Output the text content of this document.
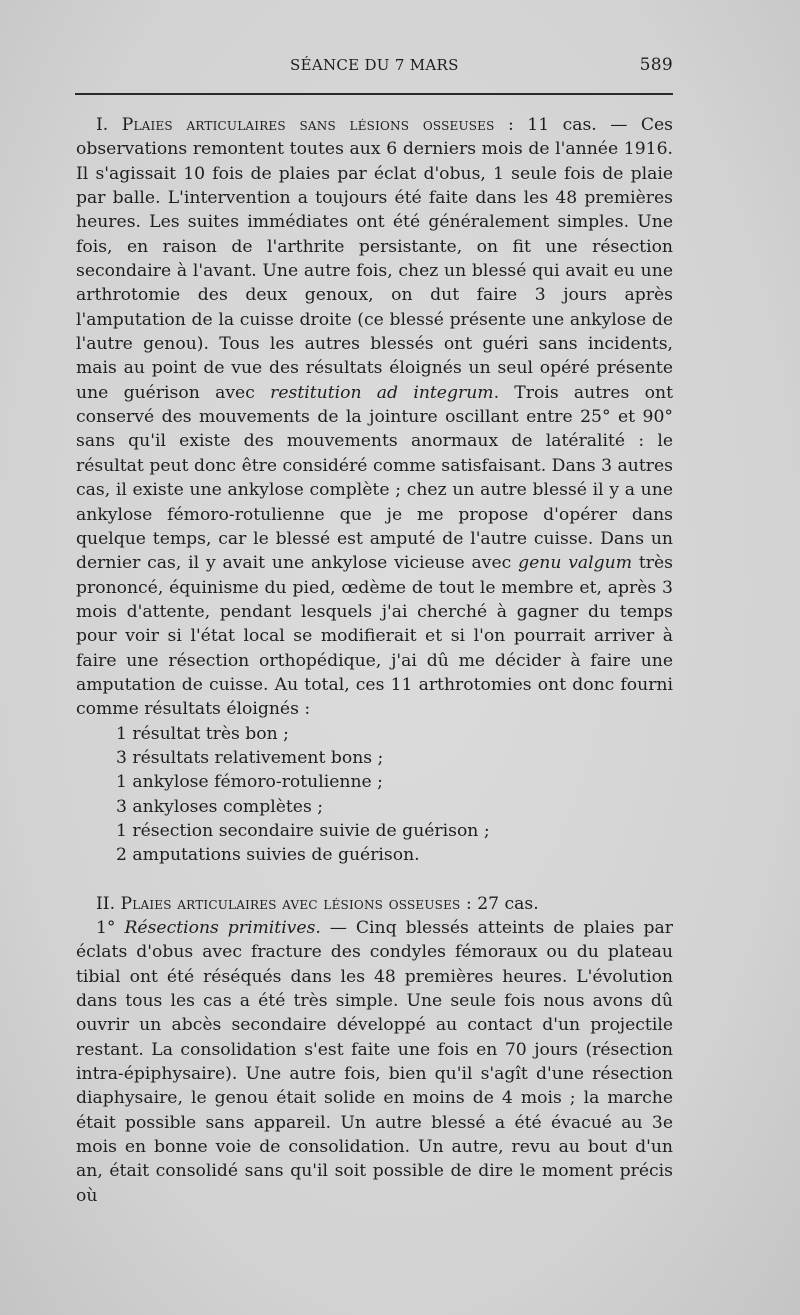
SÉANCE DU 7 MARS	589

I. Plaies articulaires sans lésions osseuses : 11 cas. — Ces observations remontent toutes aux 6 derniers mois de l'année 1916. Il s'agissait 10 fois de plaies par éclat d'obus, 1 seule fois de plaie par balle. L'intervention a toujours été faite dans les 48 premières heures. Les suites immédiates ont été généralement simples. Une fois, en raison de l'arthrite persistante, on fit une résection secondaire à l'avant. Une autre fois, chez un blessé qui avait eu une arthrotomie des deux genoux, on dut faire 3 jours après l'amputation de la cuisse droite (ce blessé présente une ankylose de l'autre genou). Tous les autres blessés ont guéri sans incidents, mais au point de vue des résultats éloignés un seul opéré présente une guérison avec restitution ad integrum. Trois autres ont conservé des mouvements de la jointure oscillant entre 25° et 90° sans qu'il existe des mouvements anormaux de latéralité : le résultat peut donc être considéré comme satisfaisant. Dans 3 autres cas, il existe une ankylose complète ; chez un autre blessé il y a une ankylose fémoro-rotulienne que je me propose d'opérer dans quelque temps, car le blessé est amputé de l'autre cuisse. Dans un dernier cas, il y avait une ankylose vicieuse avec genu valgum très prononcé, équinisme du pied, œdème de tout le membre et, après 3 mois d'attente, pendant lesquels j'ai cherché à gagner du temps pour voir si l'état local se modifierait et si l'on pourrait arriver à faire une résection orthopédique, j'ai dû me décider à faire une amputation de cuisse. Au total, ces 11 arthrotomies ont donc fourni comme résultats éloignés :

1 résultat très bon ;
3 résultats relativement bons ;
1 ankylose fémoro-rotulienne ;
3 ankyloses complètes ;
1 résection secondaire suivie de guérison ;
2 amputations suivies de guérison.

II. Plaies articulaires avec lésions osseuses : 27 cas.

1° Résections primitives. — Cinq blessés atteints de plaies par éclats d'obus avec fracture des condyles fémoraux ou du plateau tibial ont été réséqués dans les 48 premières heures. L'évolution dans tous les cas a été très simple. Une seule fois nous avons dû ouvrir un abcès secondaire développé au contact d'un projectile restant. La consolidation s'est faite une fois en 70 jours (résection intra-épiphysaire). Une autre fois, bien qu'il s'agît d'une résection diaphysaire, le genou était solide en moins de 4 mois ; la marche était possible sans appareil. Un autre blessé a été évacué au 3e mois en bonne voie de consolidation. Un autre, revu au bout d'un an, était consolidé sans qu'il soit possible de dire le moment précis où
